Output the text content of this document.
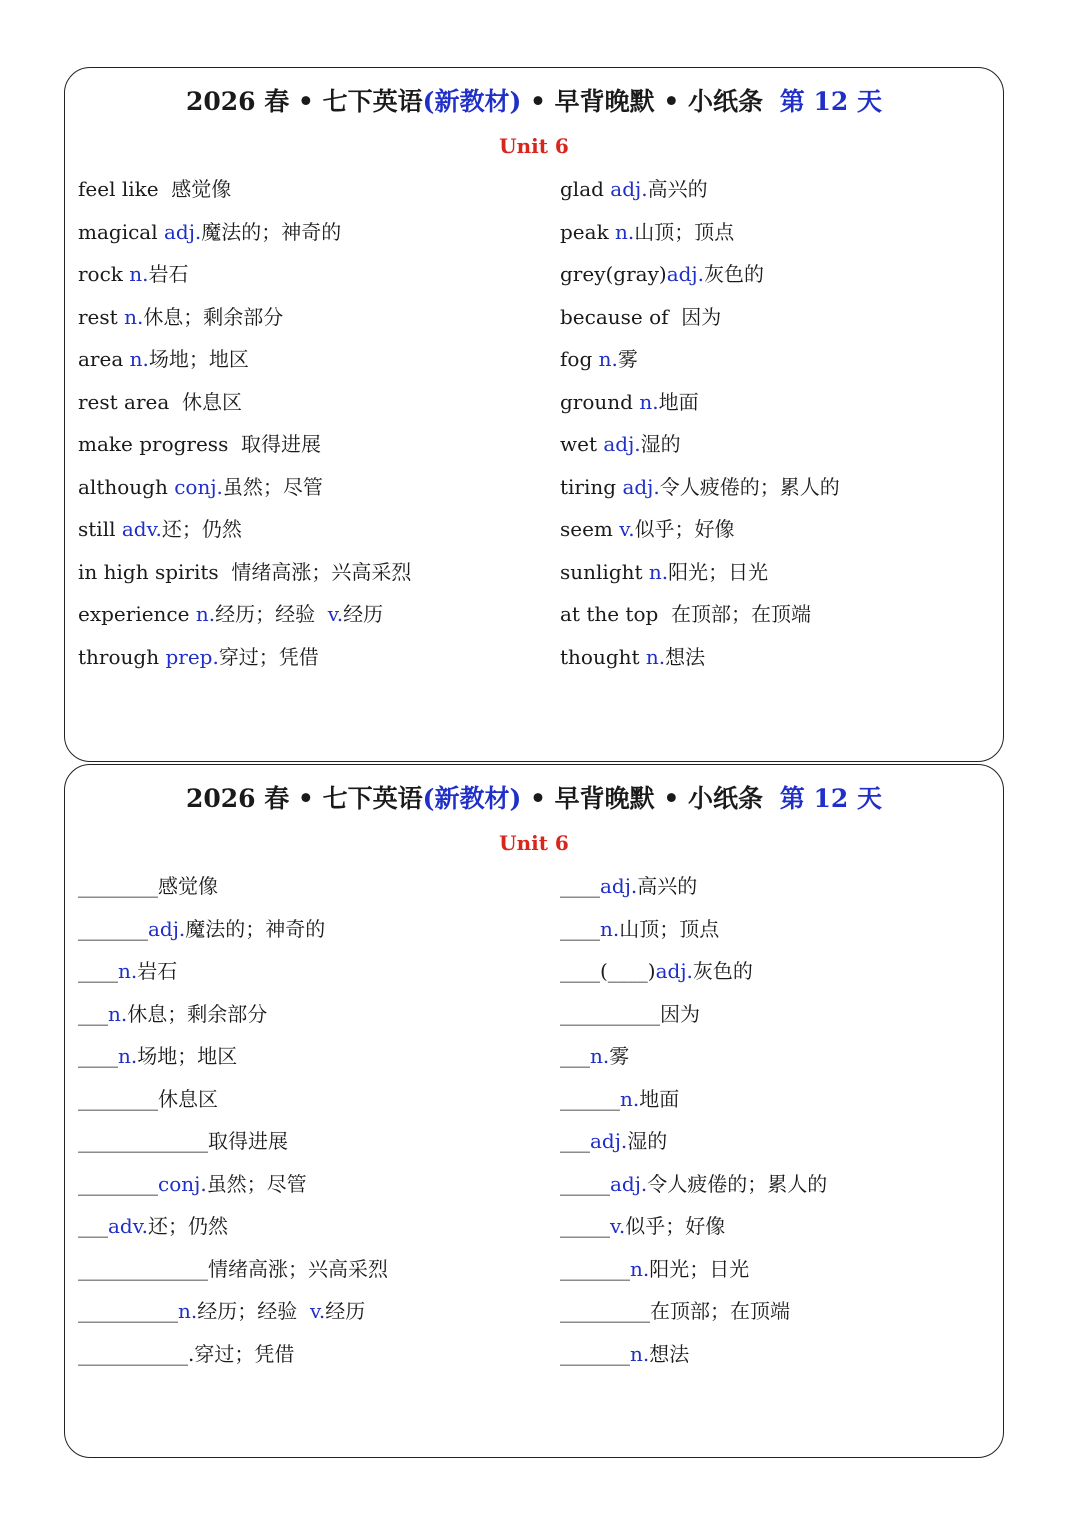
2026 春 • 七下英语(新教材) • 早背晚默 • 小纸条 第 12 天
Unit 6
feel like  感觉像
magical adj.魔法的；神奇的
rock n.岩石
rest n.休息；剩余部分
area n.场地；地区
rest area  休息区
make progress  取得进展
although conj.虽然；尽管
still adv.还；仍然
in high spirits  情绪高涨；兴高采烈
experience n.经历；经验  v.经历
through prep.穿过；凭借
glad adj.高兴的
peak n.山顶；顶点
grey(gray)adj.灰色的
because of  因为
fog n.雾
ground n.地面
wet adj.湿的
tiring adj.令人疲倦的；累人的
seem v.似乎；好像
sunlight n.阳光；日光
at the top  在顶部；在顶端
thought n.想法
2026 春 • 七下英语(新教材) • 早背晚默 • 小纸条 第 12 天
Unit 6
________感觉像
_______adj.魔法的；神奇的
____n.岩石
___n.休息；剩余部分
____n.场地；地区
________休息区
_____________取得进展
________conj.虽然；尽管
___adv.还；仍然
_____________情绪高涨；兴高采烈
__________n.经历；经验  v.经历
___________.穿过；凭借
____adj.高兴的
____n.山顶；顶点
____(____)adj.灰色的
__________因为
___n.雾
______n.地面
___adj.湿的
_____adj.令人疲倦的；累人的
_____v.似乎；好像
_______n.阳光；日光
_________在顶部；在顶端
_______n.想法
